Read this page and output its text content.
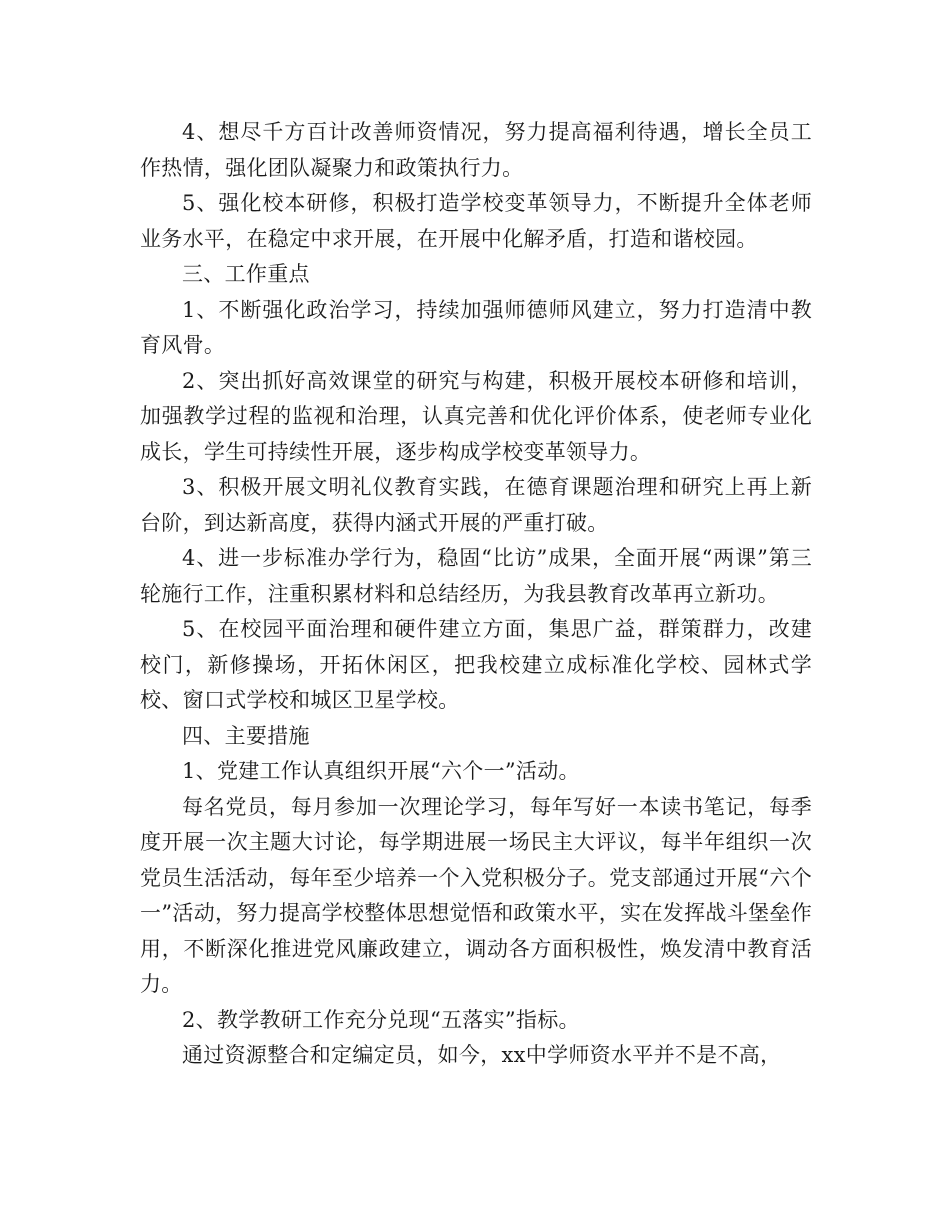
4、想尽千方百计改善师资情况，努力提高福利待遇，增长全员工作热情，强化团队凝聚力和政策执行力。

5、强化校本研修，积极打造学校变革领导力，不断提升全体老师业务水平，在稳定中求开展，在开展中化解矛盾，打造和谐校园。

三、工作重点

1、不断强化政治学习，持续加强师德师风建立，努力打造清中教育风骨。

2、突出抓好高效课堂的研究与构建，积极开展校本研修和培训，加强教学过程的监视和治理，认真完善和优化评价体系，使老师专业化成长，学生可持续性开展，逐步构成学校变革领导力。

3、积极开展文明礼仪教育实践，在德育课题治理和研究上再上新台阶，到达新高度，获得内涵式开展的严重打破。

4、进一步标准办学行为，稳固“比访”成果，全面开展“两课”第三轮施行工作，注重积累材料和总结经历，为我县教育改革再立新功。

5、在校园平面治理和硬件建立方面，集思广益，群策群力，改建校门，新修操场，开拓休闲区，把我校建立成标准化学校、园林式学校、窗口式学校和城区卫星学校。

四、主要措施

1、党建工作认真组织开展“六个一”活动。

每名党员，每月参加一次理论学习，每年写好一本读书笔记，每季度开展一次主题大讨论，每学期进展一场民主大评议，每半年组织一次党员生活活动，每年至少培养一个入党积极分子。党支部通过开展“六个一”活动，努力提高学校整体思想觉悟和政策水平，实在发挥战斗堡垒作用，不断深化推进党风廉政建立，调动各方面积极性，焕发清中教育活力。

2、教学教研工作充分兑现“五落实”指标。

通过资源整合和定编定员，如今，xx中学师资水平并不是不高，
